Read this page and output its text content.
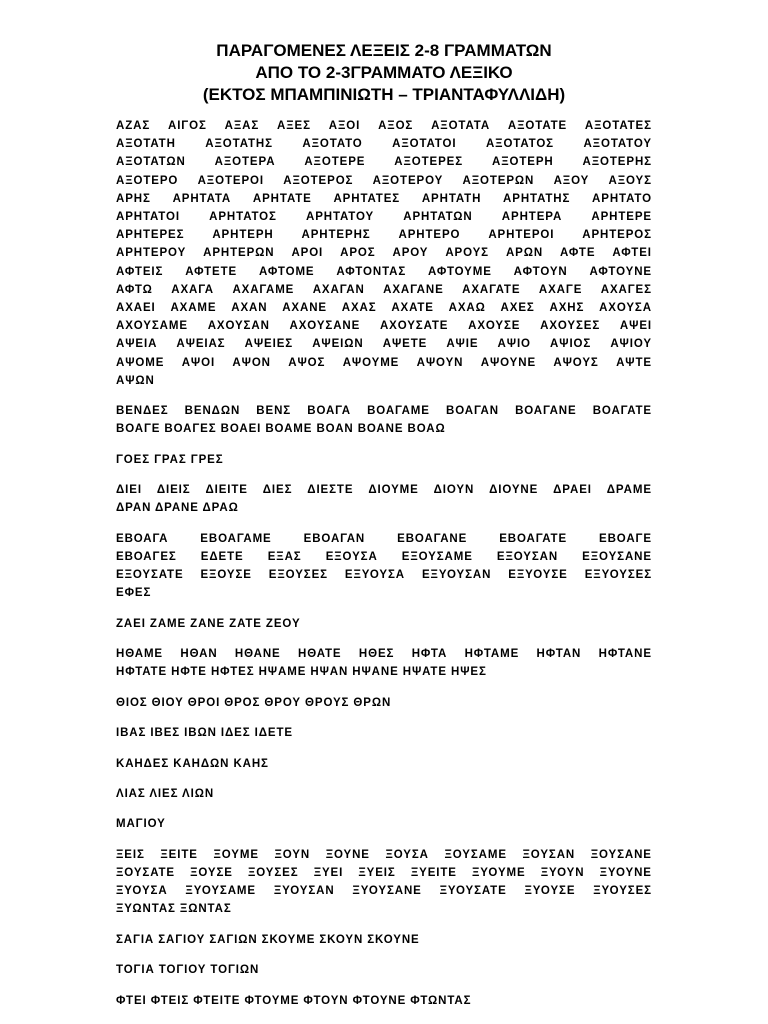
ΠΑΡΑΓΟΜΕΝΕΣ ΛΕΞΕΙΣ 2-8 ΓΡΑΜΜΑΤΩΝ
ΑΠΟ ΤΟ 2-3ΓΡΑΜΜΑΤΟ ΛΕΞΙΚΟ
(ΕΚΤΟΣ ΜΠΑΜΠΙΝΙΩΤΗ – ΤΡΙΑΝΤΑΦΥΛΛΙΔΗ)
ΑΖΑΣ ΑΙΓΟΣ ΑΞΑΣ ΑΞΕΣ ΑΞΟΙ ΑΞΟΣ ΑΞΟΤΑΤΑ ΑΞΟΤΑΤΕ ΑΞΟΤΑΤΕΣ
ΑΞΟΤΑΤΗ	ΑΞΟΤΑΤΗΣ	ΑΞΟΤΑΤΟ	ΑΞΟΤΑΤΟΙ	ΑΞΟΤΑΤΟΣ	ΑΞΟΤΑΤΟΥ
ΑΞΟΤΑΤΩΝ	ΑΞΟΤΕΡΑ	ΑΞΟΤΕΡΕ	ΑΞΟΤΕΡΕΣ	ΑΞΟΤΕΡΗ	ΑΞΟΤΕΡΗΣ
ΑΞΟΤΕΡΟ ΑΞΟΤΕΡΟΙ ΑΞΟΤΕΡΟΣ ΑΞΟΤΕΡΟΥ ΑΞΟΤΕΡΩΝ ΑΞΟΥ ΑΞΟΥΣ
ΑΡΗΣ ΑΡΗΤΑΤΑ ΑΡΗΤΑΤΕ ΑΡΗΤΑΤΕΣ ΑΡΗΤΑΤΗ ΑΡΗΤΑΤΗΣ ΑΡΗΤΑΤΟ
ΑΡΗΤΑΤΟΙ	ΑΡΗΤΑΤΟΣ	ΑΡΗΤΑΤΟΥ	ΑΡΗΤΑΤΩΝ	ΑΡΗΤΕΡΑ	ΑΡΗΤΕΡΕ
ΑΡΗΤΕΡΕΣ ΑΡΗΤΕΡΗ ΑΡΗΤΕΡΗΣ ΑΡΗΤΕΡΟ ΑΡΗΤΕΡΟΙ ΑΡΗΤΕΡΟΣ
ΑΡΗΤΕΡΟΥ ΑΡΗΤΕΡΩΝ ΑΡΟΙ ΑΡΟΣ ΑΡΟΥ ΑΡΟΥΣ ΑΡΩΝ ΑΦΤΕ ΑΦΤΕΙ
ΑΦΤΕΙΣ ΑΦΤΕΤΕ ΑΦΤΟΜΕ ΑΦΤΟΝΤΑΣ ΑΦΤΟΥΜΕ ΑΦΤΟΥΝ ΑΦΤΟΥΝΕ
ΑΦΤΩ ΑΧΑΓΑ ΑΧΑΓΑΜΕ ΑΧΑΓΑΝ ΑΧΑΓΑΝΕ ΑΧΑΓΑΤΕ ΑΧΑΓΕ ΑΧΑΓΕΣ
ΑΧΑΕΙ ΑΧΑΜΕ ΑΧΑΝ ΑΧΑΝΕ ΑΧΑΣ ΑΧΑΤΕ ΑΧΑΩ ΑΧΕΣ ΑΧΗΣ ΑΧΟΥΣΑ
ΑΧΟΥΣΑΜΕ ΑΧΟΥΣΑΝ ΑΧΟΥΣΑΝΕ ΑΧΟΥΣΑΤΕ ΑΧΟΥΣΕ ΑΧΟΥΣΕΣ ΑΨΕΙ
ΑΨΕΙΑ ΑΨΕΙΑΣ ΑΨΕΙΕΣ ΑΨΕΙΩΝ ΑΨΕΤΕ ΑΨΙΕ ΑΨΙΟ ΑΨΙΟΣ ΑΨΙΟΥ
ΑΨΟΜΕ ΑΨΟΙ ΑΨΟΝ ΑΨΟΣ ΑΨΟΥΜΕ ΑΨΟΥΝ ΑΨΟΥΝΕ ΑΨΟΥΣ ΑΨΤΕ
ΑΨΩΝ
ΒΕΝΔΕΣ ΒΕΝΔΩΝ ΒΕΝΣ ΒΟΑΓΑ ΒΟΑΓΑΜΕ ΒΟΑΓΑΝ ΒΟΑΓΑΝΕ ΒΟΑΓΑΤΕ
ΒΟΑΓΕ ΒΟΑΓΕΣ ΒΟΑΕΙ ΒΟΑΜΕ ΒΟΑΝ ΒΟΑΝΕ ΒΟΑΩ
ΓΟΕΣ ΓΡΑΣ ΓΡΕΣ
ΔΙΕΙ ΔΙΕΙΣ ΔΙΕΙΤΕ ΔΙΕΣ ΔΙΕΣΤΕ ΔΙΟΥΜΕ ΔΙΟΥΝ ΔΙΟΥΝΕ ΔΡΑΕΙ ΔΡΑΜΕ
ΔΡΑΝ ΔΡΑΝΕ ΔΡΑΩ
ΕΒΟΑΓΑ	ΕΒΟΑΓΑΜΕ	ΕΒΟΑΓΑΝ	ΕΒΟΑΓΑΝΕ	ΕΒΟΑΓΑΤΕ	ΕΒΟΑΓΕ
ΕΒΟΑΓΕΣ ΕΔΕΤΕ ΕΞΑΣ ΕΞΟΥΣΑ ΕΞΟΥΣΑΜΕ ΕΞΟΥΣΑΝ ΕΞΟΥΣΑΝΕ
ΕΞΟΥΣΑΤΕ ΕΞΟΥΣΕ ΕΞΟΥΣΕΣ ΕΞΥΟΥΣΑ ΕΞΥΟΥΣΑΝ ΕΞΥΟΥΣΕ ΕΞΥΟΥΣΕΣ
ΕΦΕΣ
ΖΑΕΙ ΖΑΜΕ ΖΑΝΕ ΖΑΤΕ ΖΕΟΥ
ΗΘΑΜΕ ΗΘΑΝ ΗΘΑΝΕ ΗΘΑΤΕ ΗΘΕΣ ΗΦΤΑ ΗΦΤΑΜΕ ΗΦΤΑΝ ΗΦΤΑΝΕ
ΗΦΤΑΤΕ ΗΦΤΕ ΗΦΤΕΣ ΗΨΑΜΕ ΗΨΑΝ ΗΨΑΝΕ ΗΨΑΤΕ ΗΨΕΣ
ΘΙΟΣ ΘΙΟΥ ΘΡΟΙ ΘΡΟΣ ΘΡΟΥ ΘΡΟΥΣ ΘΡΩΝ
ΙΒΑΣ ΙΒΕΣ ΙΒΩΝ ΙΔΕΣ ΙΔΕΤΕ
ΚΑΗΔΕΣ ΚΑΗΔΩΝ ΚΑΗΣ
ΛΙΑΣ ΛΙΕΣ ΛΙΩΝ
ΜΑΓΙΟΥ
ΞΕΙΣ ΞΕΙΤΕ ΞΟΥΜΕ ΞΟΥΝ ΞΟΥΝΕ ΞΟΥΣΑ ΞΟΥΣΑΜΕ ΞΟΥΣΑΝ ΞΟΥΣΑΝΕ
ΞΟΥΣΑΤΕ ΞΟΥΣΕ ΞΟΥΣΕΣ ΞΥΕΙ ΞΥΕΙΣ ΞΥΕΙΤΕ ΞΥΟΥΜΕ ΞΥΟΥΝ ΞΥΟΥΝΕ
ΞΥΟΥΣΑ ΞΥΟΥΣΑΜΕ ΞΥΟΥΣΑΝ ΞΥΟΥΣΑΝΕ ΞΥΟΥΣΑΤΕ ΞΥΟΥΣΕ ΞΥΟΥΣΕΣ
ΞΥΩΝΤΑΣ ΞΩΝΤΑΣ
ΣΑΓΙΑ ΣΑΓΙΟΥ ΣΑΓΙΩΝ ΣΚΟΥΜΕ ΣΚΟΥΝ ΣΚΟΥΝΕ
ΤΟΓΙΑ ΤΟΓΙΟΥ ΤΟΓΙΩΝ
ΦΤΕΙ ΦΤΕΙΣ ΦΤΕΙΤΕ ΦΤΟΥΜΕ ΦΤΟΥΝ ΦΤΟΥΝΕ ΦΤΩΝΤΑΣ
